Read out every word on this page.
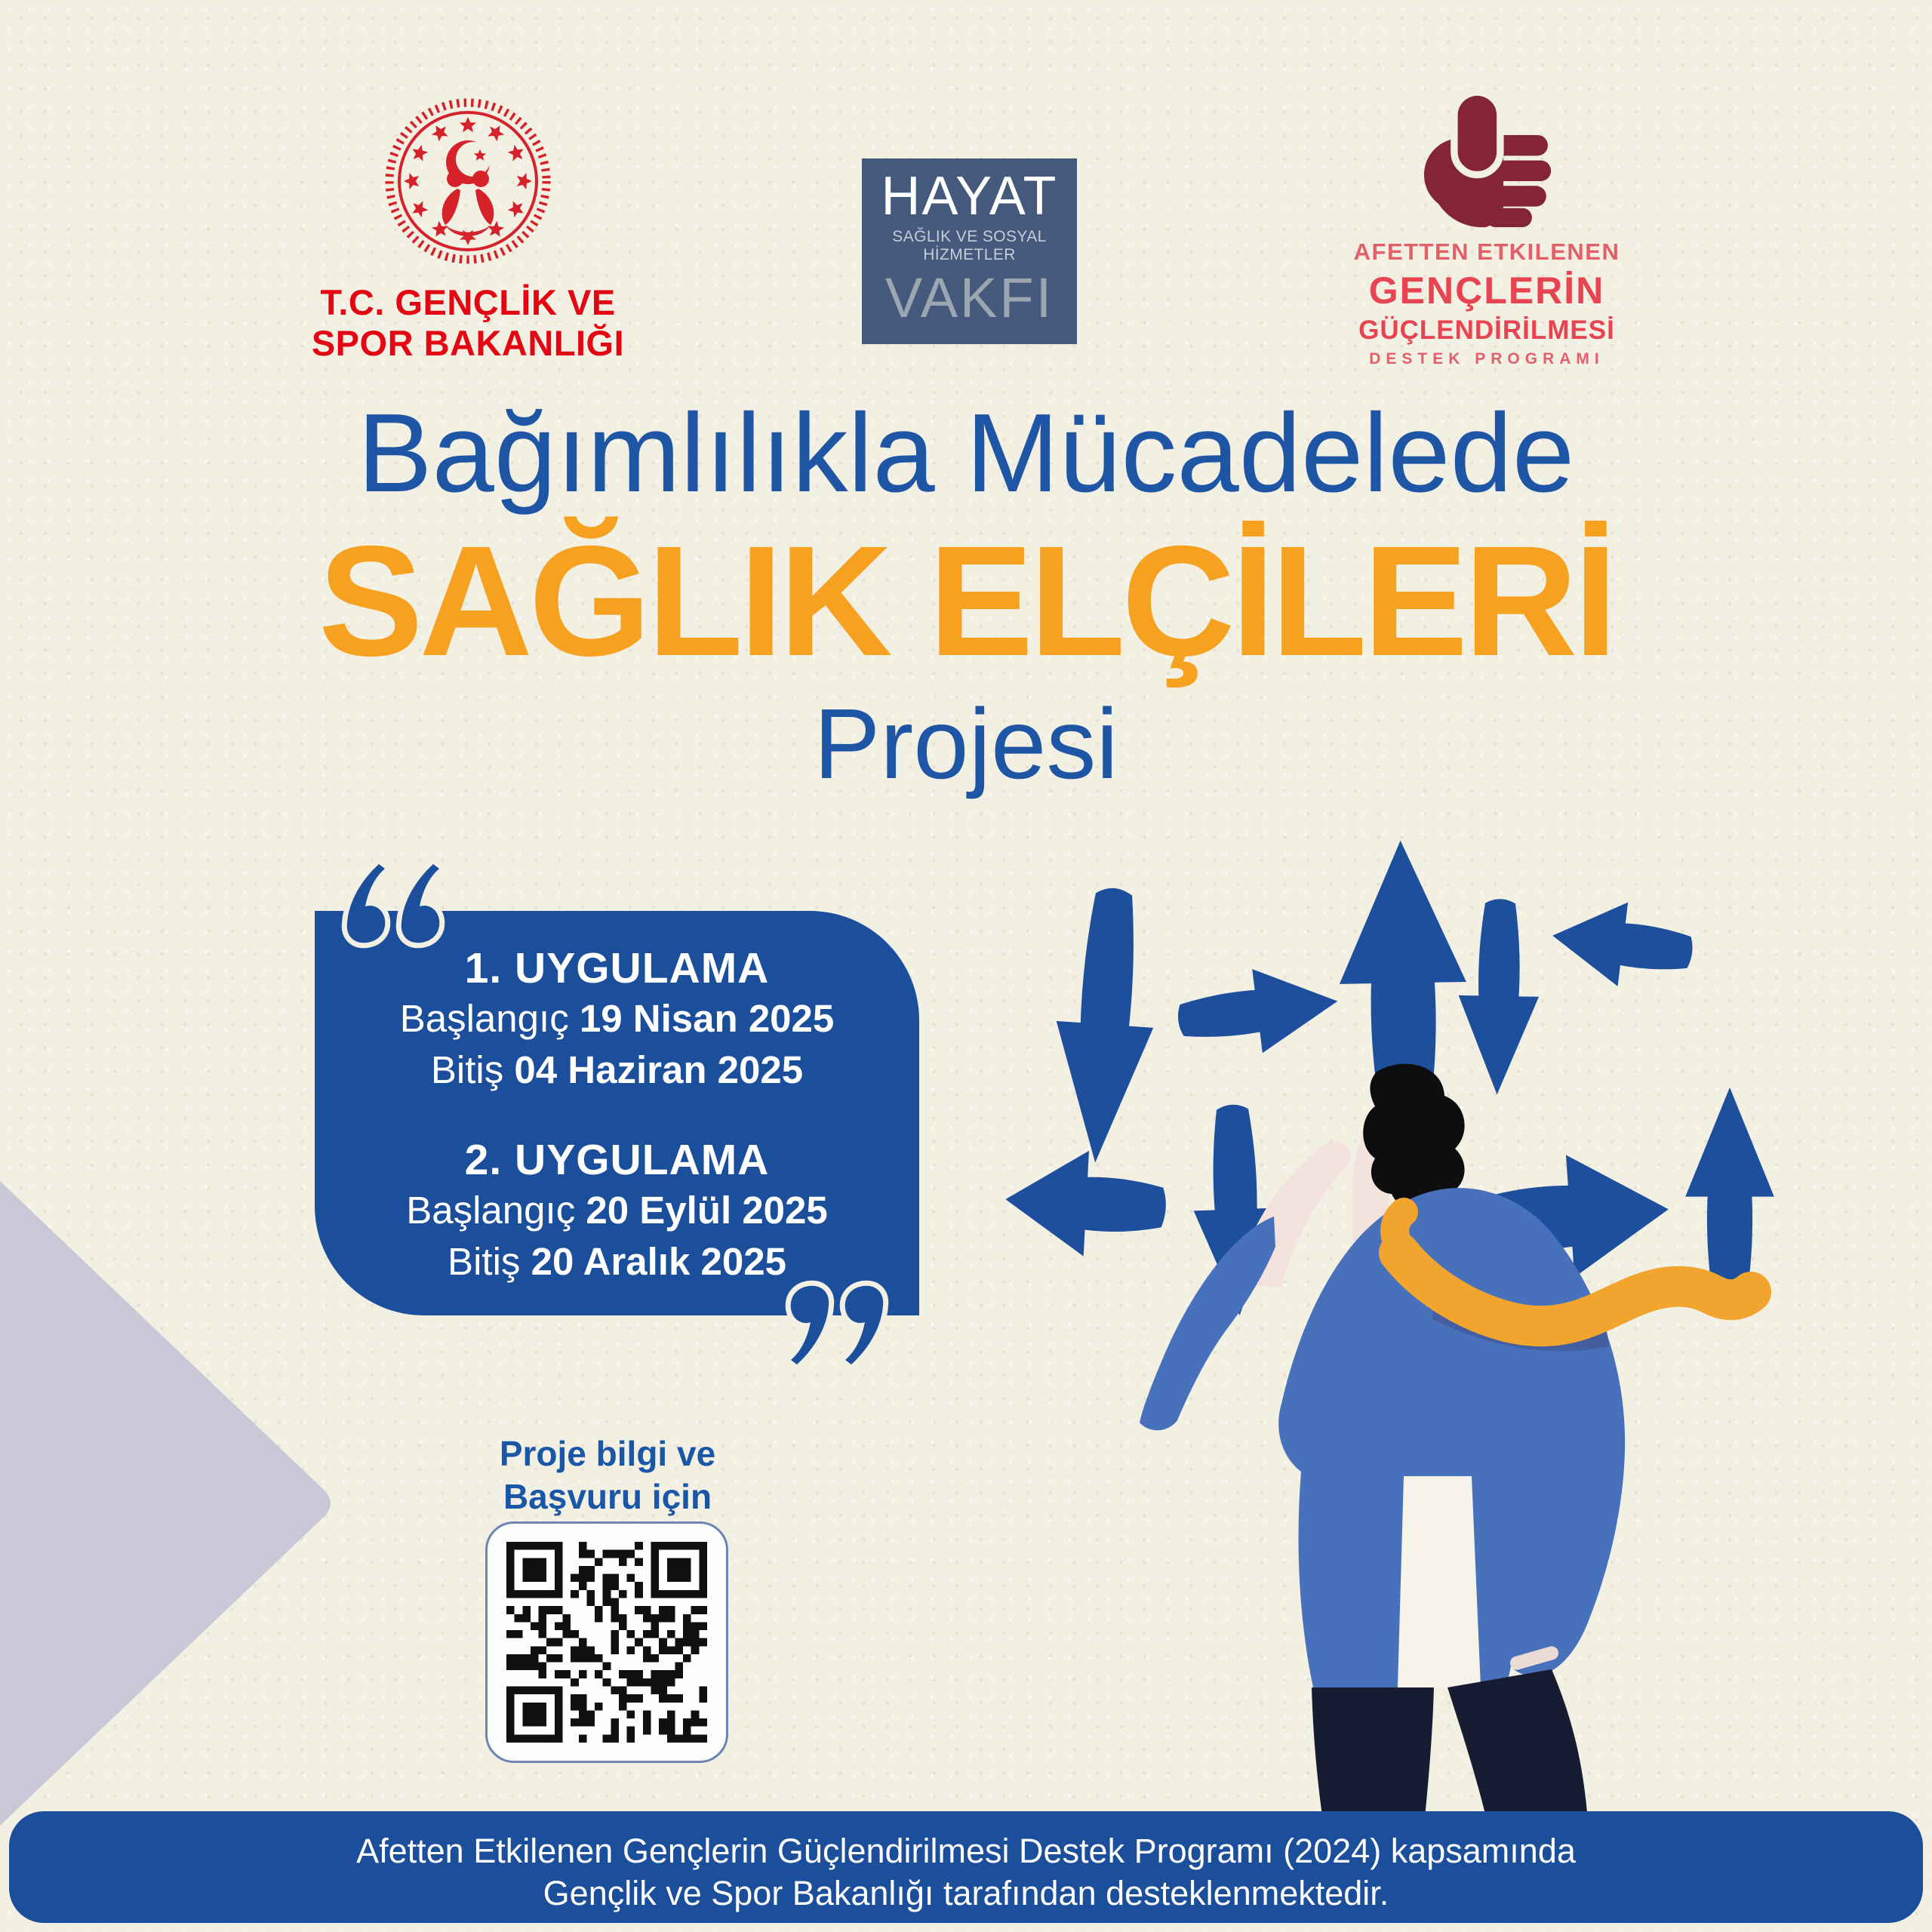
T.C. GENÇLİK VE
SPOR BAKANLIĞI
HAYAT
SAĞLIK VE SOSYAL HİZMETLER
VAKFI
AFETTEN ETKILENEN
GENÇLERİN
GÜÇLENDİRİLMESİ
DESTEK PROGRAMI
Bağımlılıkla Mücadelede
SAĞLIK ELÇİLERİ
Projesi
1. UYGULAMA
Başlangıç 19 Nisan 2025
Bitiş 04 Haziran 2025
2. UYGULAMA
Başlangıç 20 Eylül 2025
Bitiş 20 Aralık 2025
Proje bilgi ve
Başvuru için
Afetten Etkilenen Gençlerin Güçlendirilmesi Destek Programı (2024) kapsamında
Gençlik ve Spor Bakanlığı tarafından desteklenmektedir.
